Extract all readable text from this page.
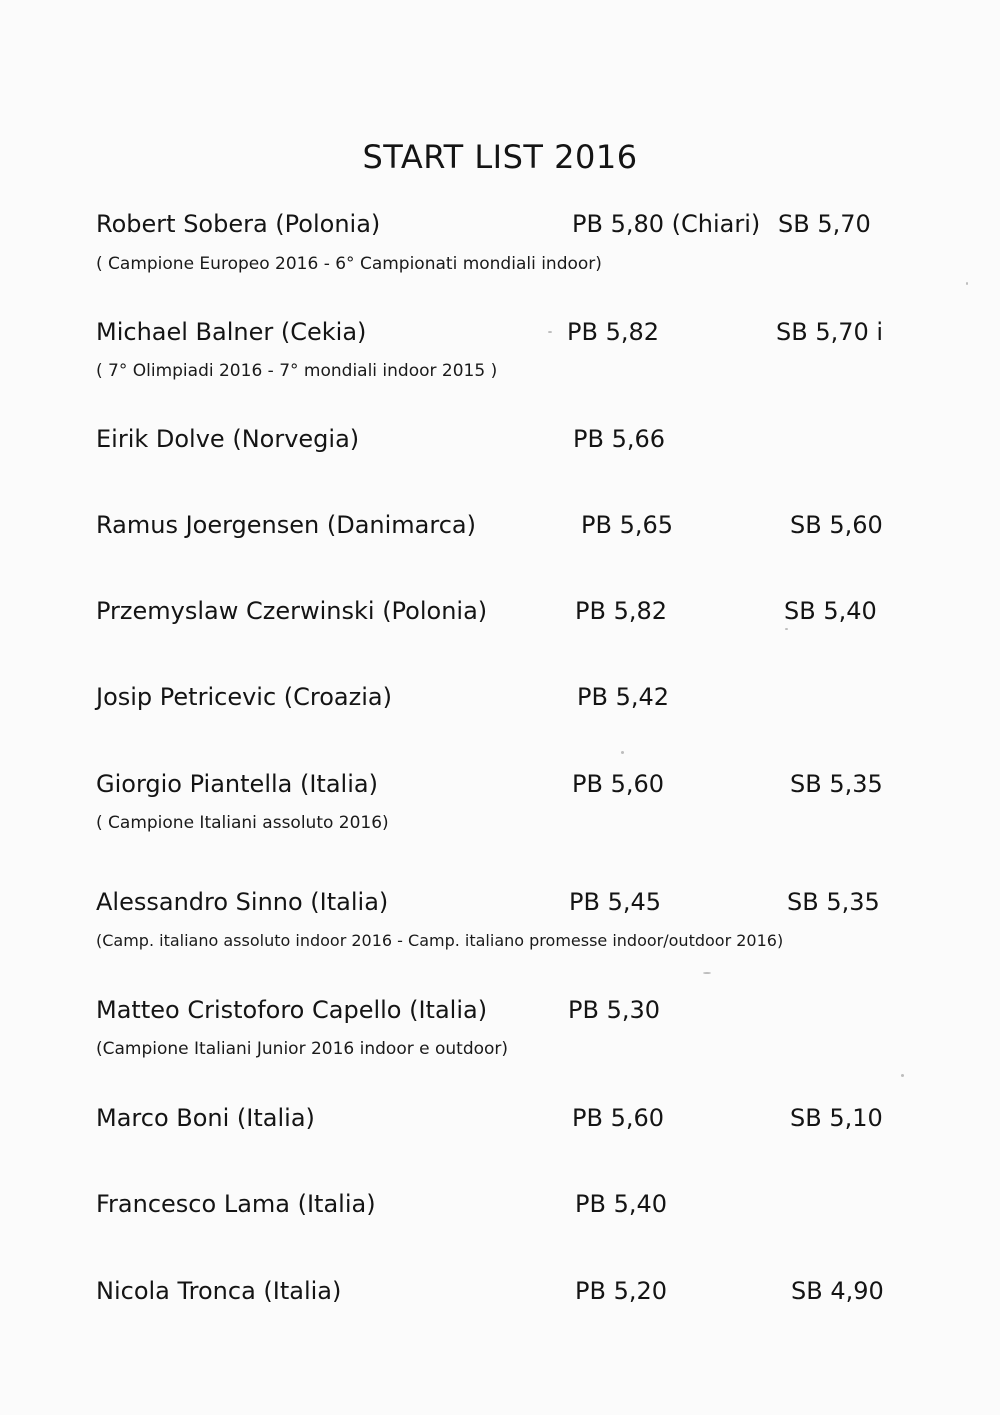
START LIST 2016
Robert Sobera (Polonia)	PB 5,80 (Chiari) SB 5,70
( Campione Europeo 2016 - 6° Campionati mondiali indoor)
Michael Balner (Cekia)	PB 5,82	SB 5,70 i
( 7° Olimpiadi 2016 - 7° mondiali indoor 2015 )
Eirik Dolve (Norvegia)	PB 5,66
Ramus Joergensen (Danimarca)	PB 5,65	SB 5,60
Przemyslaw Czerwinski (Polonia)	PB 5,82	SB 5,40
Josip Petricevic (Croazia)	PB 5,42
Giorgio Piantella (Italia)	PB 5,60	SB 5,35
( Campione Italiani assoluto 2016)
Alessandro Sinno (Italia)	PB 5,45	SB 5,35
(Camp. italiano assoluto indoor 2016 - Camp. italiano promesse indoor/outdoor 2016)
Matteo Cristoforo Capello (Italia)	PB 5,30
(Campione Italiani Junior 2016 indoor e outdoor)
Marco Boni (Italia)	PB 5,60	SB 5,10
Francesco Lama (Italia)	PB 5,40
Nicola Tronca (Italia)	PB 5,20	SB 4,90
